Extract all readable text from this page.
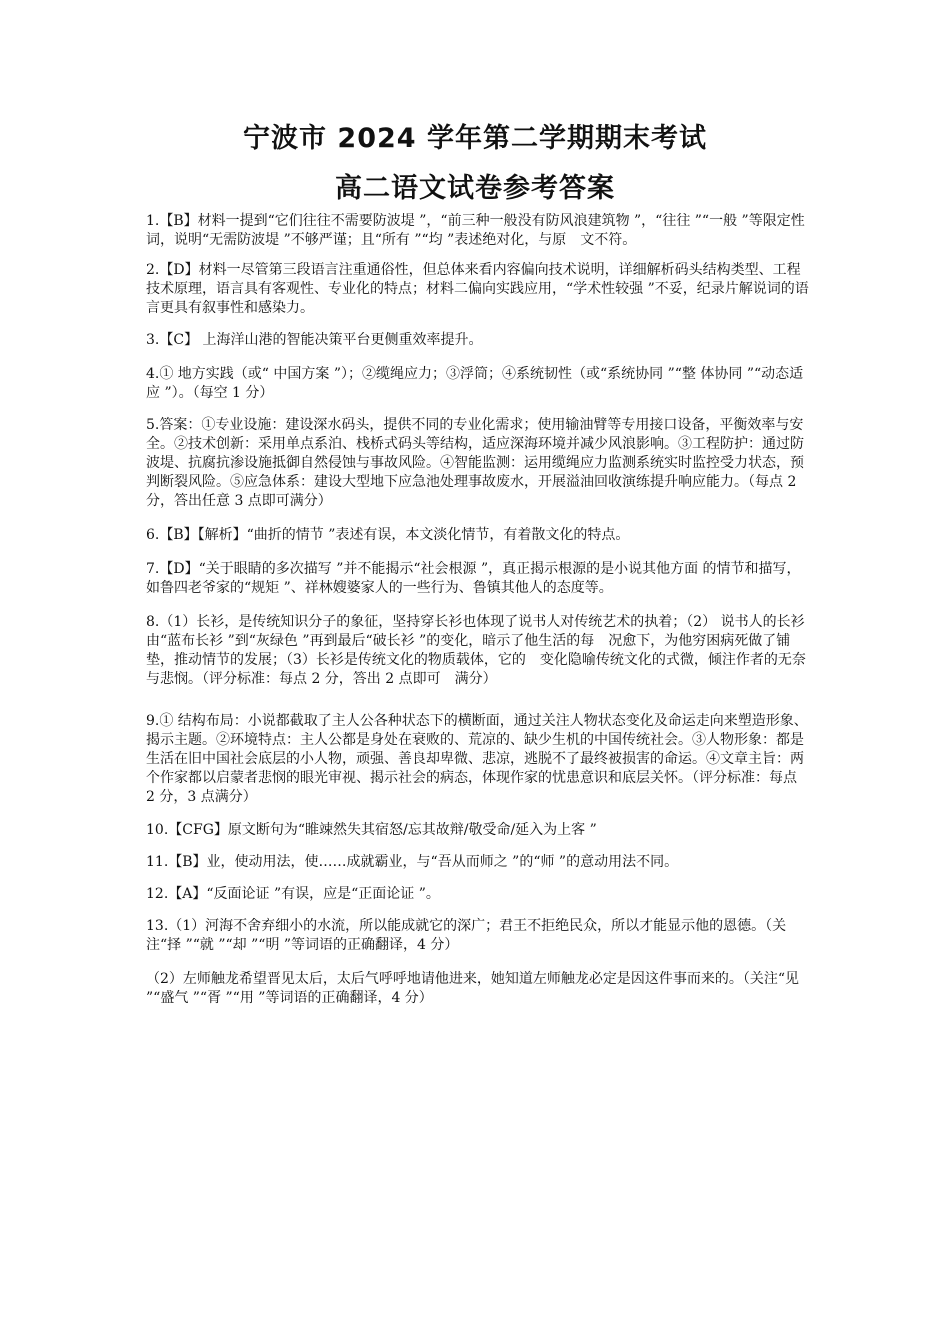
宁波市 2024 学年第二学期期末考试
高二语文试卷参考答案

1.【B】材料一提到“它们往往不需要防波堤 ”，“前三种一般没有防风浪建筑物 ”，“往往 ”“一般 ”等限定性词，说明“无需防波堤 ”不够严谨；且“所有 ”“均 ”表述绝对化，与原　文不符。

2.【D】材料一尽管第三段语言注重通俗性，但总体来看内容偏向技术说明，详细解析码头结构类型、工程技术原理，语言具有客观性、专业化的特点；材料二偏向实践应用，“学术性较强 ”不妥，纪录片解说词的语言更具有叙事性和感染力。

3.【C】 上海洋山港的智能决策平台更侧重效率提升。

4.① 地方实践（或“ 中国方案 ”）；②缆绳应力；③浮筒；④系统韧性（或“系统协同 ”“整 体协同 ”“动态适应 ”）。（每空 1 分）

5.答案：①专业设施：建设深水码头，提供不同的专业化需求；使用输油臂等专用接口设备，平衡效率与安全。②技术创新：采用单点系泊、栈桥式码头等结构，适应深海环境并减少风浪影响。③工程防护：通过防波堤、抗腐抗渗设施抵御自然侵蚀与事故风险。④智能监测：运用缆绳应力监测系统实时监控受力状态，预判断裂风险。⑤应急体系：建设大型地下应急池处理事故废水，开展溢油回收演练提升响应能力。（每点 2 分，答出任意 3 点即可满分）

6.【B】【解析】“曲折的情节 ”表述有误，本文淡化情节，有着散文化的特点。

7.【D】“关于眼睛的多次描写 ”并不能揭示“社会根源 ”，真正揭示根源的是小说其他方面 的情节和描写，如鲁四老爷家的“规矩 ”、祥林嫂婆家人的一些行为、鲁镇其他人的态度等。

8.（1）长衫，是传统知识分子的象征，坚持穿长衫也体现了说书人对传统艺术的执着；（2） 说书人的长衫由“蓝布长衫 ”到“灰绿色 ”再到最后“破长衫 ”的变化，暗示了他生活的每　况愈下，为他穷困病死做了铺垫，推动情节的发展；（3）长衫是传统文化的物质载体，它的　变化隐喻传统文化的式微，倾注作者的无奈与悲悯。（评分标准：每点 2 分，答出 2 点即可　满分）

9.① 结构布局：小说都截取了主人公各种状态下的横断面，通过关注人物状态变化及命运走向来塑造形象、揭示主题。②环境特点：主人公都是身处在衰败的、荒凉的、缺少生机的中国传统社会。③人物形象：都是生活在旧中国社会底层的小人物，顽强、善良却卑微、悲凉，逃脱不了最终被损害的命运。④文章主旨：两个作家都以启蒙者悲悯的眼光审视、揭示社会的病态，体现作家的忧患意识和底层关怀。（评分标准：每点 2 分，3 点满分）

10.【CFG】原文断句为“睢竦然失其宿怒/忘其故辩/敬受命/延入为上客 ”

11.【B】业，使动用法，使……成就霸业，与“吾从而师之 ”的“师 ”的意动用法不同。

12.【A】“反面论证 ”有误，应是“正面论证 ”。

13.（1）河海不舍弃细小的水流，所以能成就它的深广；君王不拒绝民众，所以才能显示他的恩德。（关注“择 ”“就 ”“却 ”“明 ”等词语的正确翻译，4 分）

（2）左师触龙希望晋见太后，太后气呼呼地请他进来，她知道左师触龙必定是因这件事而来的。（关注“见 ”“盛气 ”“胥 ”“用 ”等词语的正确翻译，4 分）
